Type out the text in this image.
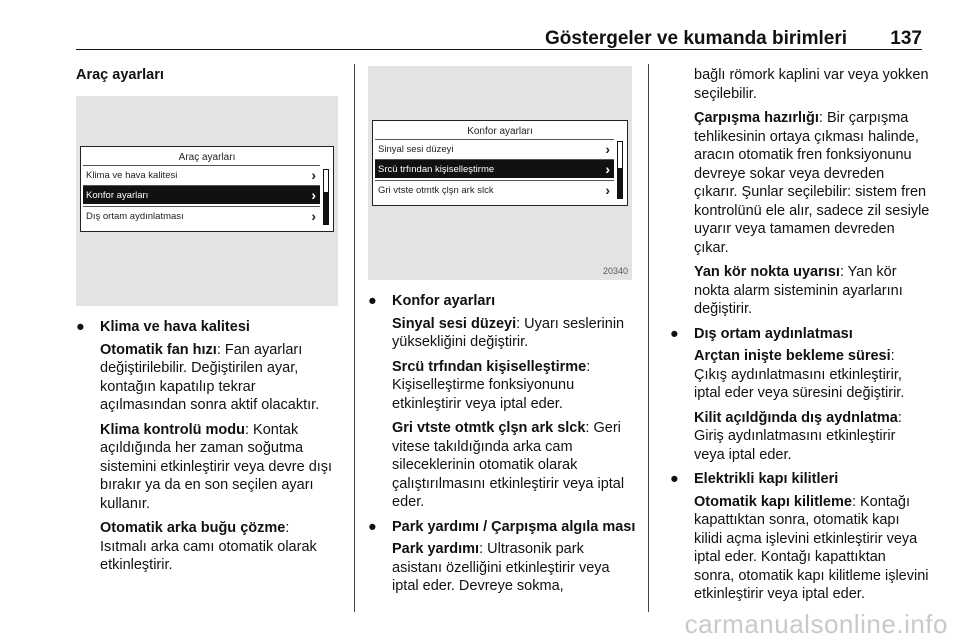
Göstergeler ve kumanda birimleri 137
Araç ayarları
Araç ayarları
Klima ve hava kalitesi	›
Konfor ayarları	›
Dış ortam aydınlatması	›
● Klima ve hava kalitesi
Otomatik fan hızı: Fan ayarları değiştirilebilir. Değiştirilen ayar, kontağın kapatılıp tekrar açılmasından sonra aktif olacaktır.
Klima kontrolü modu: Kontak açıldığında her zaman soğutma sistemini etkinleştirir veya devre dışı bırakır ya da en son seçilen ayarı kullanır.
Otomatik arka buğu çözme: Isıtmalı arka camı otomatik olarak etkinleştirir.
Konfor ayarları
Sinyal sesi düzeyi	›
Srcü trfından kişiselleştirme	›
Gri vtste otmtk çlşn ark slck	›
20340
● Konfor ayarları
Sinyal sesi düzeyi: Uyarı seslerinin yüksekliğini değiştirir.
Srcü trfından kişiselleştirme: Kişiselleştirme fonksiyonunu etkinleştirir veya iptal eder.
Gri vtste otmtk çlşn ark slck: Geri vitese takıldığında arka cam sileceklerinin otomatik olarak çalıştırılmasını etkinleştirir veya iptal eder.
● Park yardımı / Çarpışma algıla ması
Park yardımı: Ultrasonik park asistanı özelliğini etkinleştirir veya iptal eder. Devreye sokma,
bağlı römork kaplini var veya yokken seçilebilir.
Çarpışma hazırlığı: Bir çarpışma tehlikesinin ortaya çıkması halinde, aracın otomatik fren fonksiyonunu devreye sokar veya devreden çıkarır. Şunlar seçilebilir: sistem fren kontrolünü ele alır, sadece zil sesiyle uyarır veya tamamen devreden çıkar.
Yan kör nokta uyarısı: Yan kör nokta alarm sisteminin ayarlarını değiştirir.
● Dış ortam aydınlatması
Arçtan inişte bekleme süresi: Çıkış aydınlatmasını etkinleştirir, iptal eder veya süresini değiştirir.
Kilit açıldğında dış aydnlatma: Giriş aydınlatmasını etkinleştirir veya iptal eder.
● Elektrikli kapı kilitleri
Otomatik kapı kilitleme: Kontağı kapattıktan sonra, otomatik kapı kilidi açma işlevini etkinleştirir veya iptal eder. Kontağı kapattıktan sonra, otomatik kapı kilitleme işlevini etkinleştirir veya iptal eder.
carmanualsonline.info
